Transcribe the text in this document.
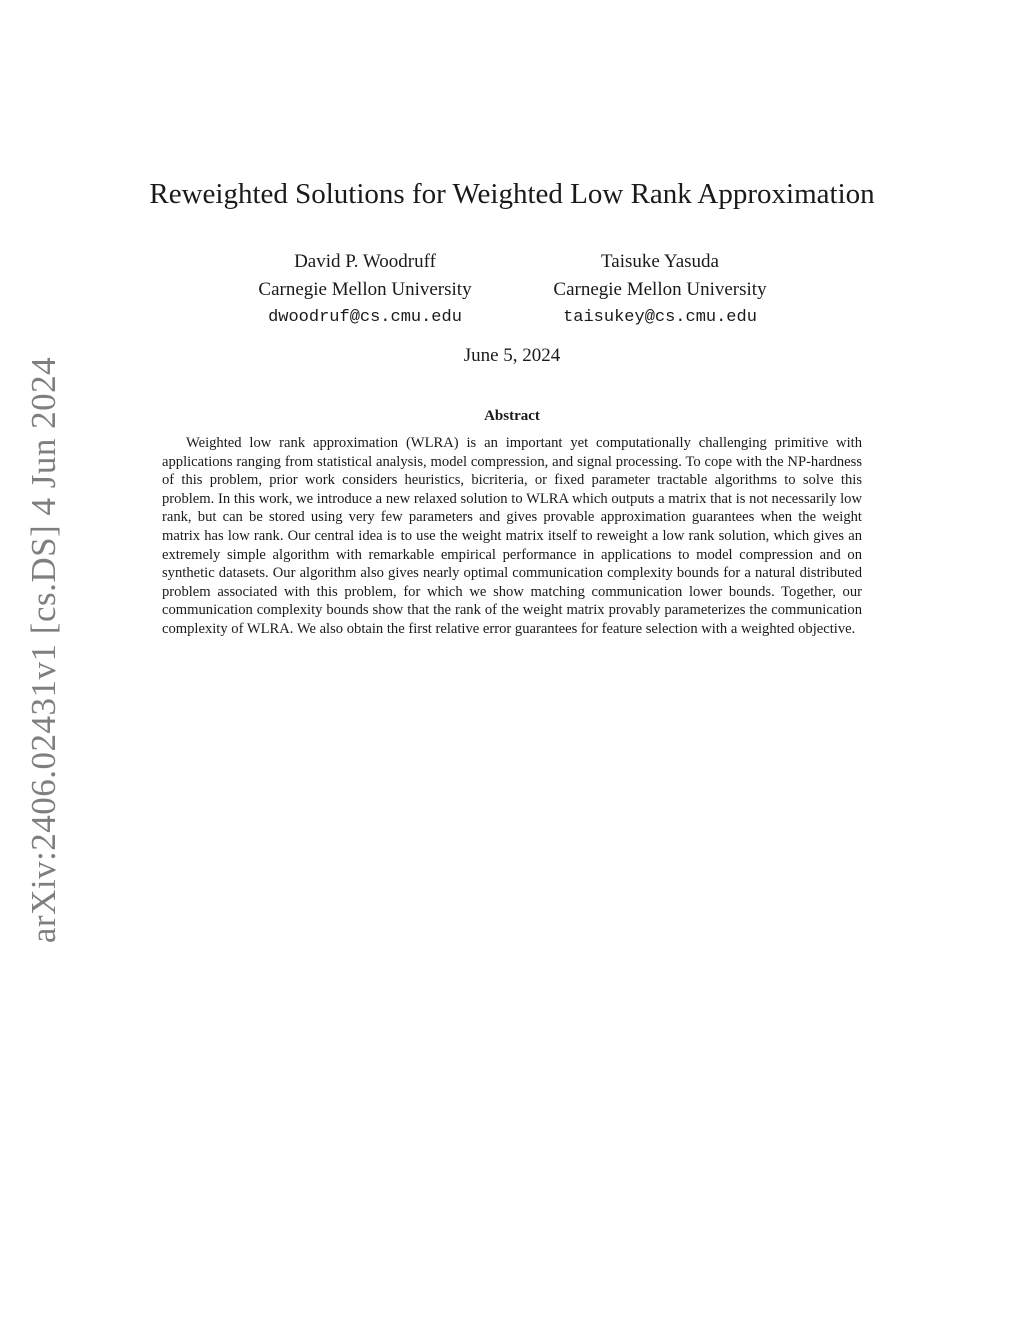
arXiv:2406.02431v1 [cs.DS] 4 Jun 2024
Reweighted Solutions for Weighted Low Rank Approximation
David P. Woodruff
Carnegie Mellon University
dwoodruf@cs.cmu.edu
Taisuke Yasuda
Carnegie Mellon University
taisukey@cs.cmu.edu
June 5, 2024
Abstract

Weighted low rank approximation (WLRA) is an important yet computationally challenging primitive with applications ranging from statistical analysis, model compression, and signal processing. To cope with the NP-hardness of this problem, prior work considers heuristics, bicriteria, or fixed parameter tractable algorithms to solve this problem. In this work, we introduce a new relaxed solution to WLRA which outputs a matrix that is not necessarily low rank, but can be stored using very few parameters and gives provable approximation guarantees when the weight matrix has low rank. Our central idea is to use the weight matrix itself to reweight a low rank solution, which gives an extremely simple algorithm with remarkable empirical performance in applications to model compression and on synthetic datasets. Our algorithm also gives nearly optimal communication complexity bounds for a natural distributed problem associated with this problem, for which we show matching communication lower bounds. Together, our communication complexity bounds show that the rank of the weight matrix provably parameterizes the communication complexity of WLRA. We also obtain the first relative error guarantees for feature selection with a weighted objective.
